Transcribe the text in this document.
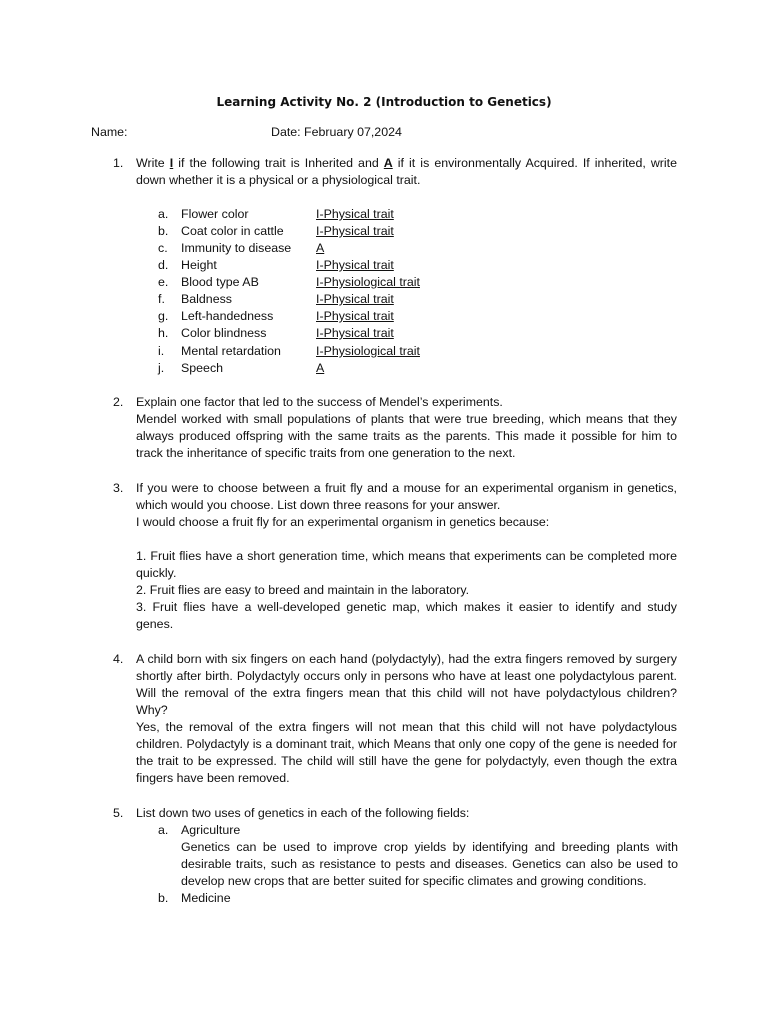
Learning Activity No. 2 (Introduction to Genetics)
Name:	Date: February 07,2024
1. Write I if the following trait is Inherited and A if it is environmentally Acquired. If inherited, write down whether it is a physical or a physiological trait.

a. Flower color	I-Physical trait
b. Coat color in cattle	I-Physical trait
c.	Immunity to disease A
d. Height	I-Physical trait
e. Blood type AB	I-Physiological trait
f.	Baldness	I-Physical trait
g. Left-handedness	I-Physical trait
h. Color blindness	I-Physical trait
i.	Mental retardation	I-Physiological trait
j.	Speech	A
2. Explain one factor that led to the success of Mendel’s experiments.

Mendel worked with small populations of plants that were true breeding, which means that they always produced offspring with the same traits as the parents. This made it possible for him to track the inheritance of specific traits from one generation to the next.

3. If you were to choose between a fruit fly and a mouse for an experimental organism in genetics, which would you choose. List down three reasons for your answer.

I would choose a fruit fly for an experimental organism in genetics because:

1. Fruit flies have a short generation time, which means that experiments can be completed more quickly.

2. Fruit flies are easy to breed and maintain in the laboratory.

3. Fruit flies have a well-developed genetic map, which makes it easier to identify and study genes.

4. A child born with six fingers on each hand (polydactyly), had the extra fingers removed by surgery shortly after birth. Polydactyly occurs only in persons who have at least one polydactylous parent. Will the removal of the extra fingers mean that this child will not have polydactylous children? Why?

Yes, the removal of the extra fingers will not mean that this child will not have polydactylous children. Polydactyly is a dominant trait, which Means that only one copy of the gene is needed for the trait to be expressed. The child will still have the gene for polydactyly, even though the extra fingers have been removed.

5. List down two uses of genetics in each of the following fields:
a. Agriculture
Genetics can be used to improve crop yields by identifying and breeding plants with desirable traits, such as resistance to pests and diseases. Genetics can also be used to develop new crops that are better suited for specific climates and growing conditions.
b. Medicine
